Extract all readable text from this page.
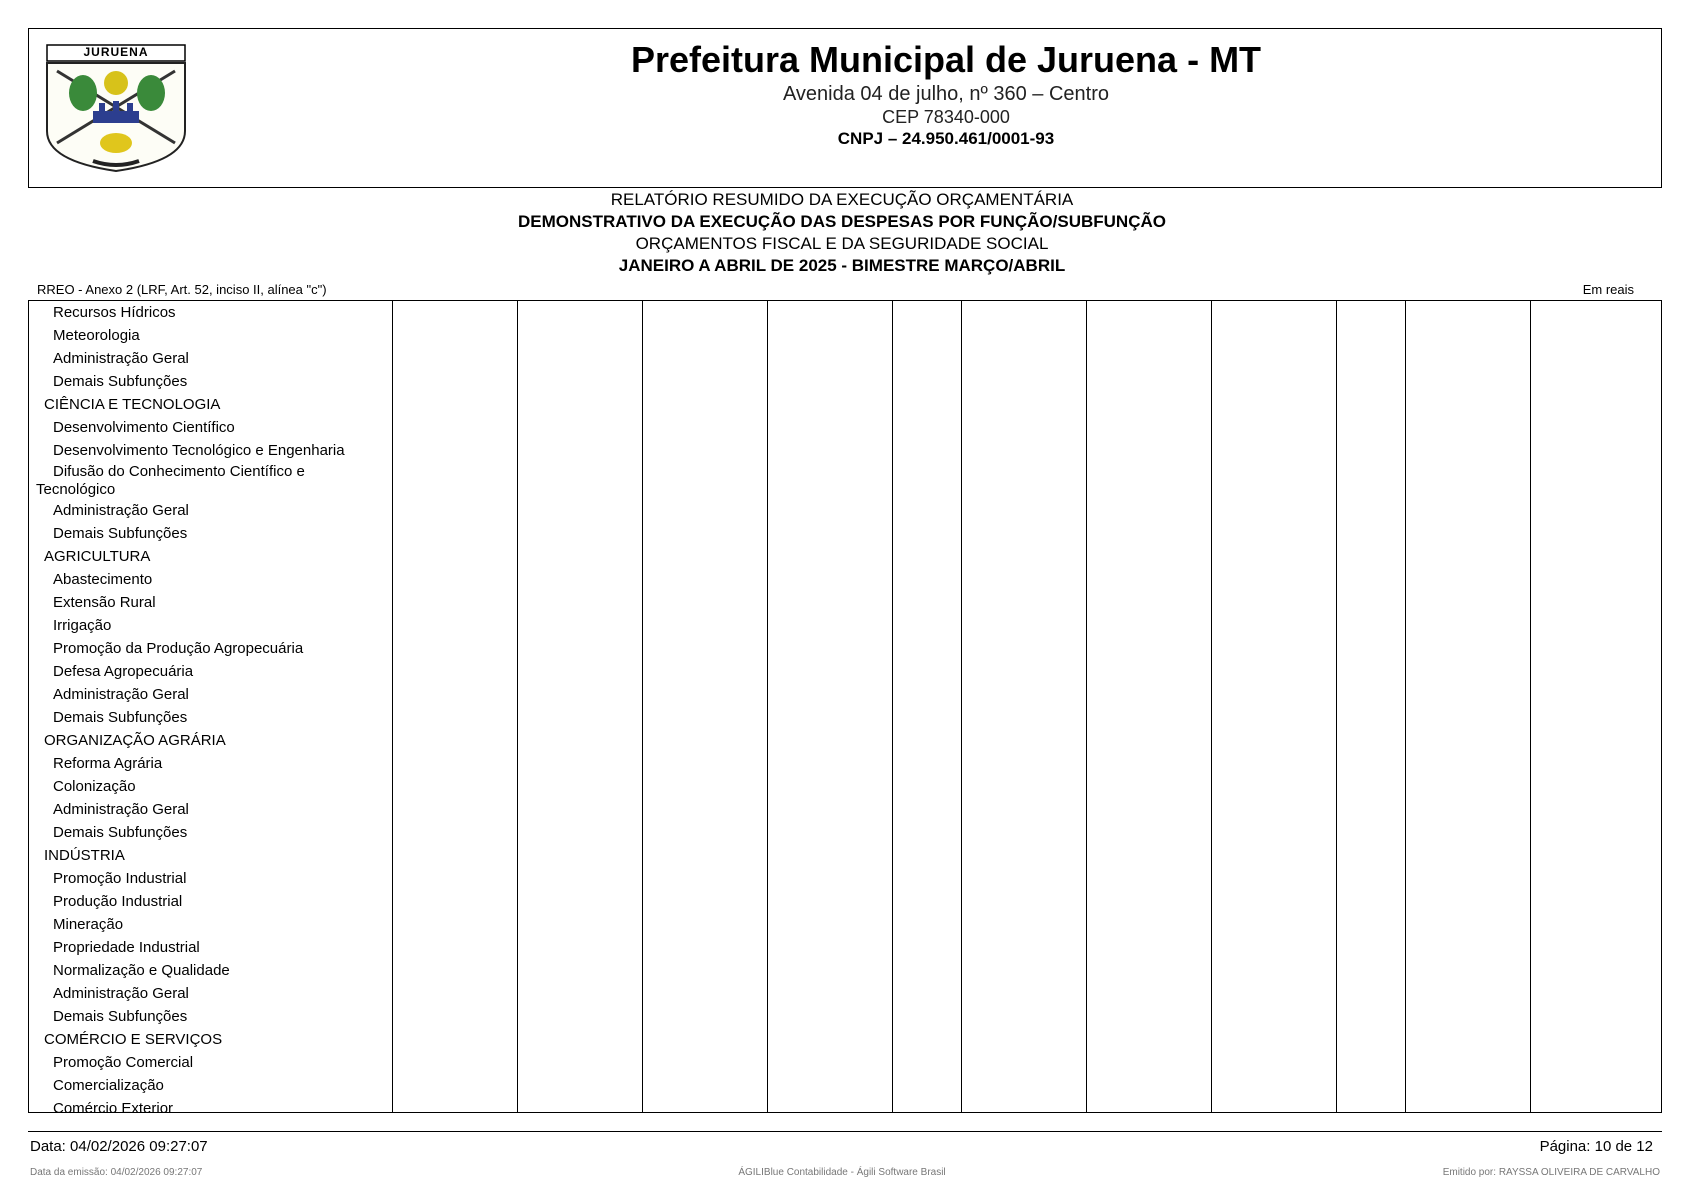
JURUENA	Prefeitura Municipal de Juruena - MT
Avenida 04 de julho, nº 360 – Centro
CEP 78340-000
CNPJ – 24.950.461/0001-93
RELATÓRIO RESUMIDO DA EXECUÇÃO ORÇAMENTÁRIA
DEMONSTRATIVO DA EXECUÇÃO DAS DESPESAS POR FUNÇÃO/SUBFUNÇÃO
ORÇAMENTOS FISCAL E DA SEGURIDADE SOCIAL
JANEIRO A ABRIL DE 2025 - BIMESTRE MARÇO/ABRIL
RREO - Anexo 2 (LRF, Art. 52, inciso II, alínea "c")	Em reais
Recursos Hídricos
Meteorologia
Administração Geral
Demais Subfunções
CIÊNCIA E TECNOLOGIA
Desenvolvimento Científico
Desenvolvimento Tecnológico e Engenharia
Difusão do Conhecimento Científico e
Tecnológico
Administração Geral
Demais Subfunções
AGRICULTURA
Abastecimento
Extensão Rural
Irrigação
Promoção da Produção Agropecuária
Defesa Agropecuária
Administração Geral
Demais Subfunções
ORGANIZAÇÃO AGRÁRIA
Reforma Agrária
Colonização
Administração Geral
Demais Subfunções
INDÚSTRIA
Promoção Industrial
Produção Industrial
Mineração
Propriedade Industrial
Normalização e Qualidade
Administração Geral
Demais Subfunções
COMÉRCIO E SERVIÇOS
Promoção Comercial
Comercialização
Comércio Exterior
Data: 04/02/2026 09:27:07	Página: 10 de 12
Data da emissão: 04/02/2026 09:27:07	ÁGILIBlue Contabilidade - Ágili Software Brasil	Emitido por: RAYSSA OLIVEIRA DE CARVALHO
